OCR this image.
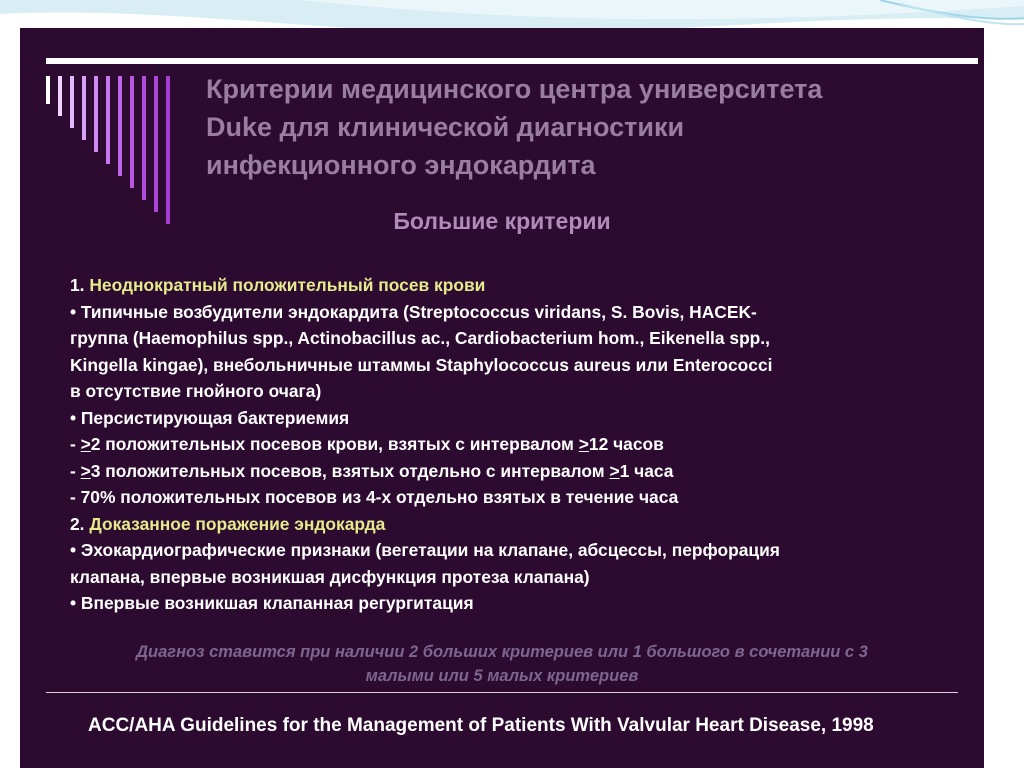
Критерии медицинского центра университета
Duke для клинической диагностики
инфекционного эндокардита
Большие критерии
1. Неоднократный положительный посев крови
• Типичные возбудители эндокардита (Streptococcus viridans, S. Bovis, HACEK-
группа (Haemophilus spp., Actinobacillus ac., Cardiobacterium hom., Eikenella spp.,
Kingella kingae), внебольничные штаммы Staphylococcus aureus или Enterococci
в отсутствие гнойного очага)
• Персистирующая бактериемия
- ≥2 положительных посевов крови, взятых с интервалом ≥12 часов
- ≥3 положительных посевов, взятых отдельно с интервалом ≥1 часа
- 70% положительных посевов из 4-х отдельно взятых в течение часа
2. Доказанное поражение эндокарда
• Эхокардиографические признаки (вегетации на клапане, абсцессы, перфорация
клапана, впервые возникшая дисфункция протеза клапана)
• Впервые возникшая клапанная регургитация
Диагноз ставится при наличии 2 больших критериев или 1 большого в сочетании с 3
малыми или 5 малых критериев
ACC/AHA Guidelines for the Management of Patients With Valvular Heart Disease, 1998
